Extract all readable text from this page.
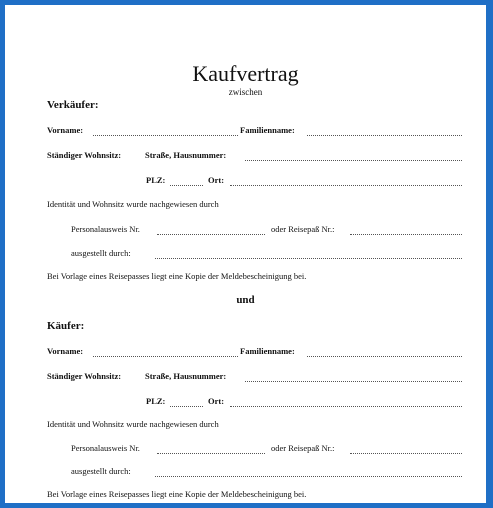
Kaufvertrag
zwischen
Verkäufer:
Vorname:	Familienname:
Ständiger Wohnsitz:	Straße, Hausnummer:
PLZ:	Ort:
Identität und Wohnsitz wurde nachgewiesen durch
Personalausweis Nr.	oder Reisepaß Nr.:
ausgestellt durch:
Bei Vorlage eines Reisepasses liegt eine Kopie der Meldebescheinigung bei.
und
Käufer:
Vorname:	Familienname:
Ständiger Wohnsitz:	Straße, Hausnummer:
PLZ:	Ort:
Identität und Wohnsitz wurde nachgewiesen durch
Personalausweis Nr.	oder Reisepaß Nr.:
ausgestellt durch:
Bei Vorlage eines Reisepasses liegt eine Kopie der Meldebescheinigung bei.
